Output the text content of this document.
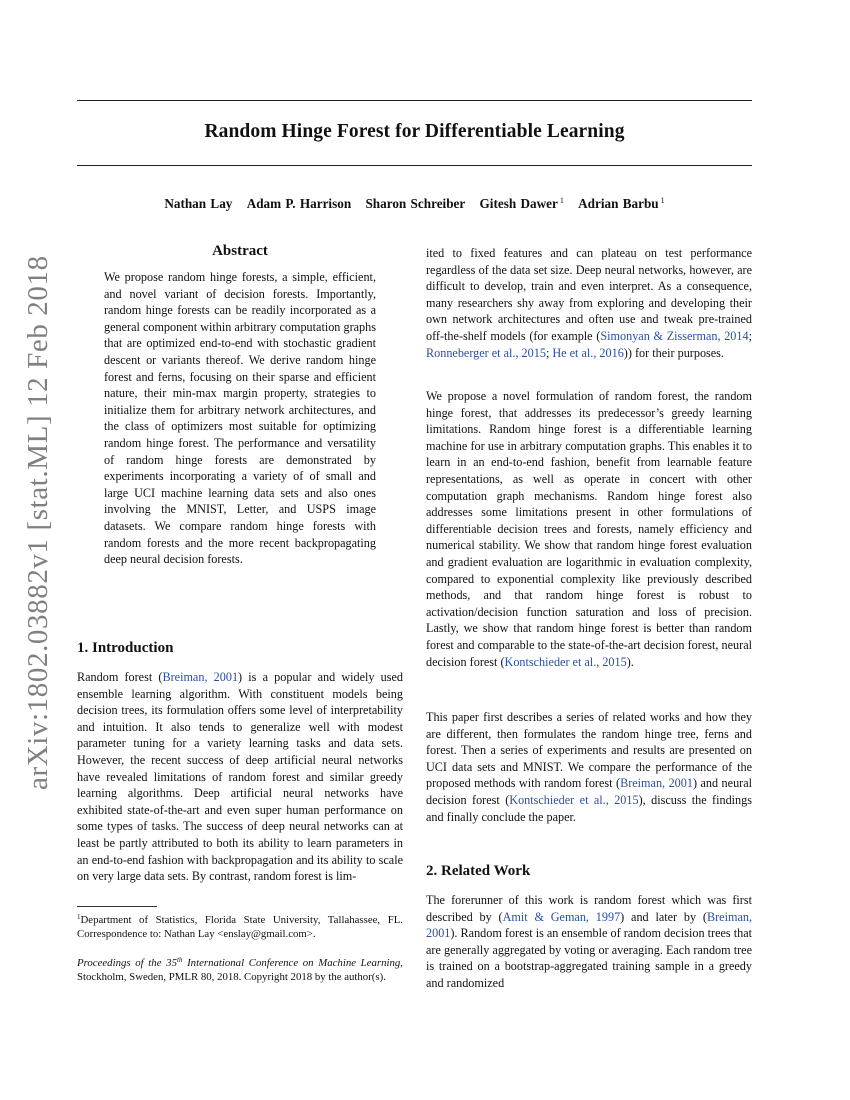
Random Hinge Forest for Differentiable Learning
Nathan Lay Adam P. Harrison Sharon Schreiber Gitesh Dawer $^1$ Adrian Barbu $^1$
arXiv:1802.03882v1 [stat.ML] 12 Feb 2018
Abstract

We propose random hinge forests, a simple, efficient, and novel variant of decision forests. Importantly, random hinge forests can be readily incorporated as a general component within arbitrary computation graphs that are optimized end-to-end with stochastic gradient descent or variants thereof. We derive random hinge forest and ferns, focusing on their sparse and efficient nature, their min-max margin property, strategies to initialize them for arbitrary network architectures, and the class of optimizers most suitable for optimizing random hinge forest. The performance and versatility of random hinge forests are demonstrated by experiments incorporating a variety of of small and large UCI machine learning data sets and also ones involving the MNIST, Letter, and USPS image datasets. We compare random hinge forests with random forests and the more recent backpropagating deep neural decision forests.

1. Introduction

Random forest (Breiman, 2001) is a popular and widely used ensemble learning algorithm. With constituent models being decision trees, its formulation offers some level of interpretability and intuition. It also tends to generalize well with modest parameter tuning for a variety learning tasks and data sets. However, the recent success of deep artificial neural networks have revealed limitations of random forest and similar greedy learning algorithms. Deep artificial neural networks have exhibited state-of-the-art and even super human performance on some types of tasks. The success of deep neural networks can at least be partly attributed to both its ability to learn parameters in an end-to-end fashion with backpropagation and its ability to scale on very large data sets. By contrast, random forest is lim-

$^1$Department of Statistics, Florida State University, Tallahassee, FL. Correspondence to: Nathan Lay <enslay@gmail.com>.

Proceedings of the 35th International Conference on Machine Learning, Stockholm, Sweden, PMLR 80, 2018. Copyright 2018 by the author(s).

ited to fixed features and can plateau on test performance regardless of the data set size. Deep neural networks, however, are difficult to develop, train and even interpret. As a consequence, many researchers shy away from exploring and developing their own network architectures and often use and tweak pre-trained off-the-shelf models (for example (Simonyan & Zisserman, 2014; Ronneberger et al., 2015; He et al., 2016)) for their purposes.

We propose a novel formulation of random forest, the random hinge forest, that addresses its predecessor’s greedy learning limitations. Random hinge forest is a differentiable learning machine for use in arbitrary computation graphs. This enables it to learn in an end-to-end fashion, benefit from learnable feature representations, as well as operate in concert with other computation graph mechanisms. Random hinge forest also addresses some limitations present in other formulations of differentiable decision trees and forests, namely efficiency and numerical stability. We show that random hinge forest evaluation and gradient evaluation are logarithmic in evaluation complexity, compared to exponential complexity like previously described methods, and that random hinge forest is robust to activation/decision function saturation and loss of precision. Lastly, we show that random hinge forest is better than random forest and comparable to the state-of-the-art decision forest, neural decision forest (Kontschieder et al., 2015).

This paper first describes a series of related works and how they are different, then formulates the random hinge tree, ferns and forest. Then a series of experiments and results are presented on UCI data sets and MNIST. We compare the performance of the proposed methods with random forest (Breiman, 2001) and neural decision forest (Kontschieder et al., 2015), discuss the findings and finally conclude the paper.

2. Related Work

The forerunner of this work is random forest which was first described by (Amit & Geman, 1997) and later by (Breiman, 2001). Random forest is an ensemble of random decision trees that are generally aggregated by voting or averaging. Each random tree is trained on a bootstrap-aggregated training sample in a greedy and randomized
